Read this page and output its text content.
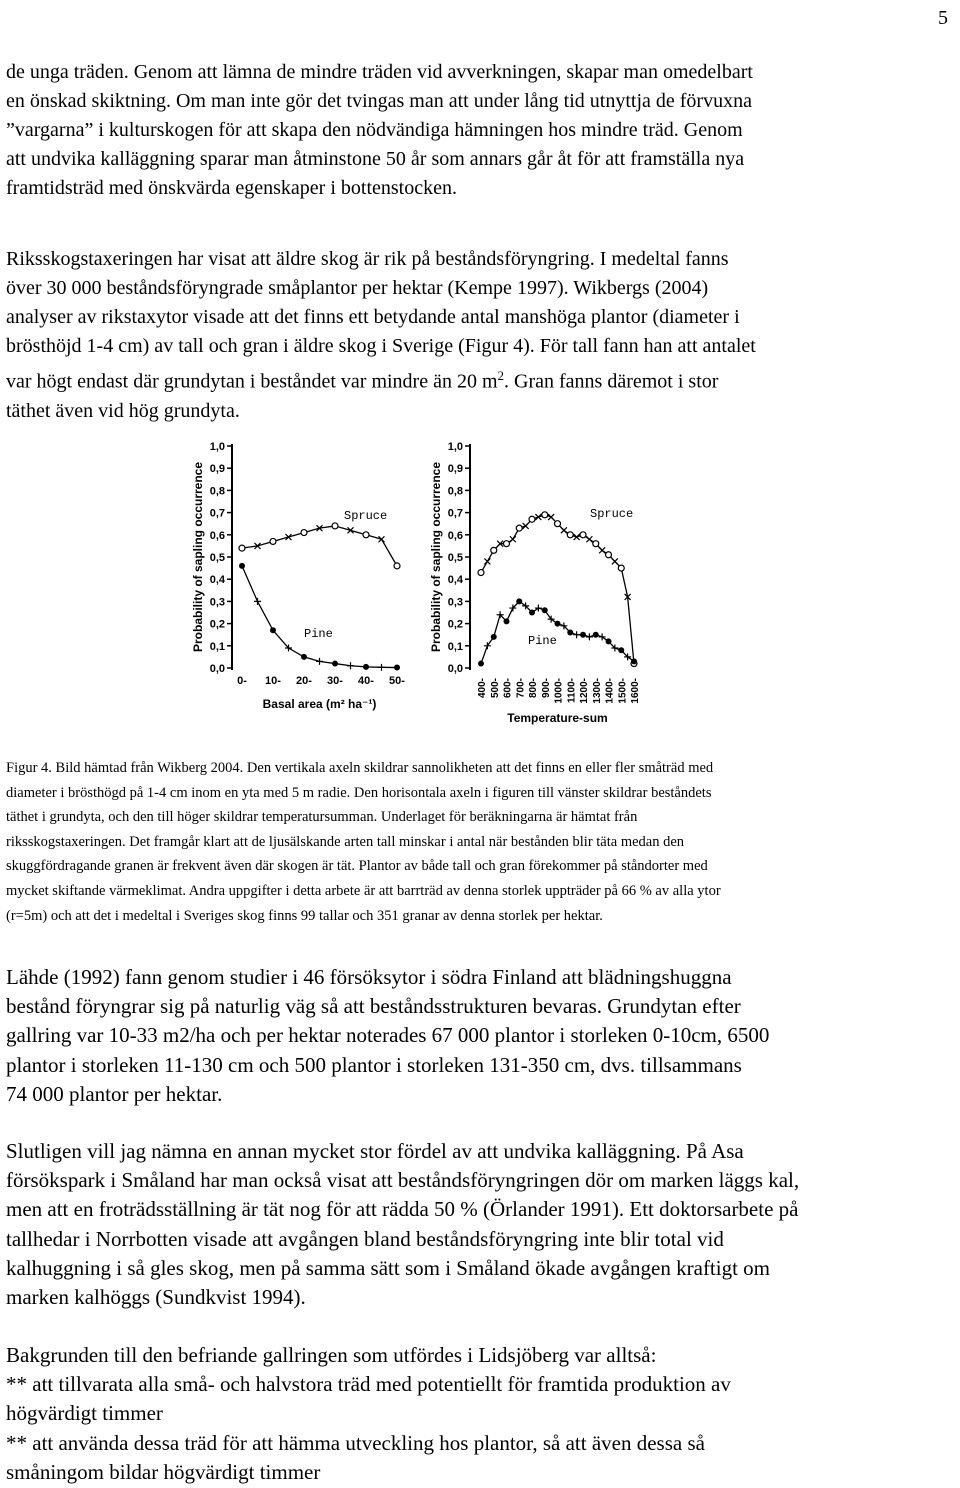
5

de unga träden. Genom att lämna de mindre träden vid avverkningen, skapar man omedelbart
en önskad skiktning. Om man inte gör det tvingas man att under lång tid utnyttja de förvuxna
”vargarna” i kulturskogen för att skapa den nödvändiga hämningen hos mindre träd. Genom
att undvika kalläggning sparar man åtminstone 50 år som annars går åt för att framställa nya
framtidsträd med önskvärda egenskaper i bottenstocken.

Riksskogstaxeringen har visat att äldre skog är rik på beståndsföryngring. I medeltal fanns
över 30 000 beståndsföryngrade småplantor per hektar (Kempe 1997). Wikbergs (2004)
analyser av rikstaxytor visade att det finns ett betydande antal manshöga plantor (diameter i
brösthöjd 1-4 cm) av tall och gran i äldre skog i Sverige (Figur 4). För tall fann han att antalet
var högt endast där grundytan i beståndet var mindre än 20 $m^2$. Gran fanns däremot i stor
täthet även vid hög grundyta.

0,0
0,1
0,2
0,3
0,4
0,5
0,6
0,7
0,8
0,9
1,0
0- 10- 20- 30- 40- 50-
Probability of sapling occurrence
Basal area (m² ha⁻¹)
Spruce
Pine
0,0
0,1
0,2
0,3
0,4
0,5
0,6
0,7
0,8
0,9
1,0
400- 500- 600- 700- 800- 900- 1000- 1100- 1200- 1300- 1400- 1500- 1600-
Probability of sapling occurrence
Temperature-sum
Spruce
Pine
Figur 4. Bild hämtad från Wikberg 2004. Den vertikala axeln skildrar sannolikheten att det finns en eller fler småträd med
diameter i brösthögd på 1-4 cm inom en yta med 5 m radie. Den horisontala axeln i figuren till vänster skildrar beståndets
täthet i grundyta, och den till höger skildrar temperatursumman. Underlaget för beräkningarna är hämtat från
riksskogstaxeringen. Det framgår klart att de ljusälskande arten tall minskar i antal när bestånden blir täta medan den
skuggfördragande granen är frekvent även där skogen är tät. Plantor av både tall och gran förekommer på ståndorter med
mycket skiftande värmeklimat. Andra uppgifter i detta arbete är att barrträd av denna storlek uppträder på 66 % av alla ytor
(r=5m) och att det i medeltal i Sveriges skog finns 99 tallar och 351 granar av denna storlek per hektar.

Lähde (1992) fann genom studier i 46 försöksytor i södra Finland att blädningshuggna
bestånd föryngrar sig på naturlig väg så att beståndsstrukturen bevaras. Grundytan efter
gallring var 10-33 m2/ha och per hektar noterades 67 000 plantor i storleken 0-10cm, 6500
plantor i storleken 11-130 cm och 500 plantor i storleken 131-350 cm, dvs. tillsammans
74 000 plantor per hektar.

Slutligen vill jag nämna en annan mycket stor fördel av att undvika kalläggning. På Asa
försökspark i Småland har man också visat att beståndsföryngringen dör om marken läggs kal,
men att en froträdsställning är tät nog för att rädda 50 % (Örlander 1991). Ett doktorsarbete på
tallhedar i Norrbotten visade att avgången bland beståndsföryngring inte blir total vid
kalhuggning i så gles skog, men på samma sätt som i Småland ökade avgången kraftigt om
marken kalhöggs (Sundkvist 1994).

Bakgrunden till den befriande gallringen som utfördes i Lidsjöberg var alltså:
** att tillvarata alla små- och halvstora träd med potentiellt för framtida produktion av
högvärdigt timmer
** att använda dessa träd för att hämma utveckling hos plantor, så att även dessa så
småningom bildar högvärdigt timmer
